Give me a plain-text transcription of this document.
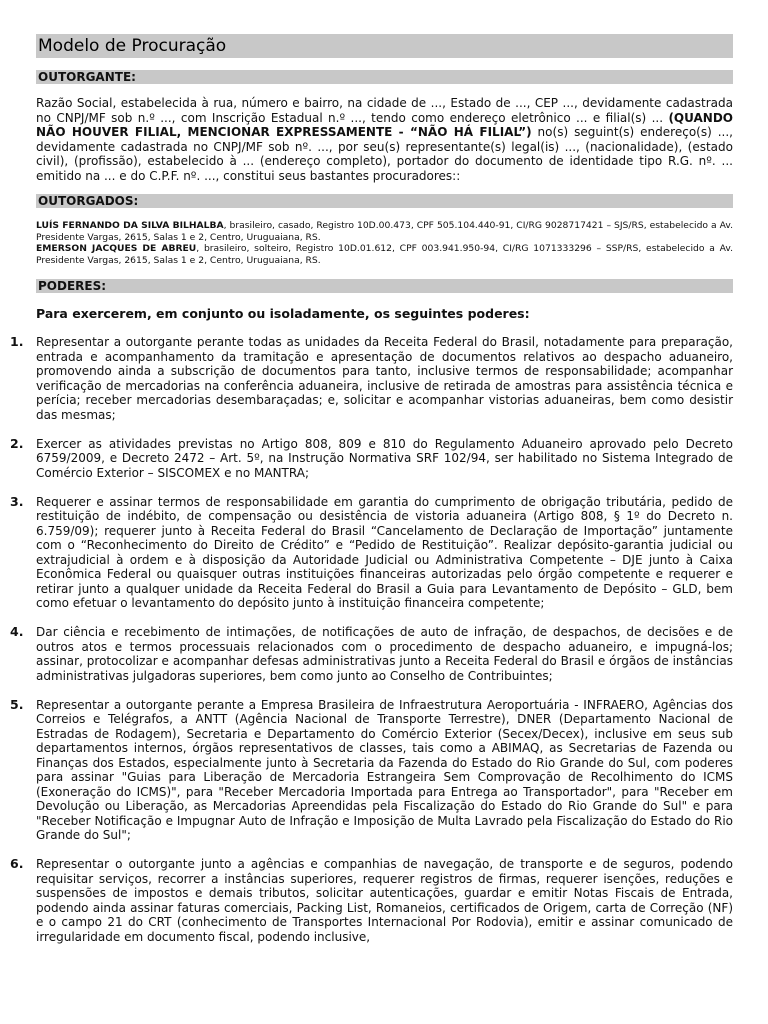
Modelo de Procuração
OUTORGANTE:

Razão Social, estabelecida à rua, número e bairro, na cidade de ..., Estado de ..., CEP ..., devidamente cadastrada no CNPJ/MF sob n.º ..., com Inscrição Estadual n.º ..., tendo como endereço eletrônico ... e filial(s) ... (QUANDO NÃO HOUVER FILIAL, MENCIONAR EXPRESSAMENTE - “NÃO HÁ FILIAL”) no(s) seguint(s) endereço(s) ..., devidamente cadastrada no CNPJ/MF sob nº. ..., por seu(s) representante(s) legal(is) ..., (nacionalidade), (estado civil), (profissão), estabelecido à ... (endereço completo), portador do documento de identidade tipo R.G. nº. ... emitido na ... e do C.P.F. nº. ..., constitui seus bastantes procuradores::

OUTORGADOS:

LUÍS FERNANDO DA SILVA BILHALBA, brasileiro, casado, Registro 10D.00.473, CPF 505.104.440-91, CI/RG 9028717421 – SJS/RS, estabelecido a Av. Presidente Vargas, 2615, Salas 1 e 2, Centro, Uruguaiana, RS.

EMERSON JACQUES DE ABREU, brasileiro, solteiro, Registro 10D.01.612, CPF 003.941.950-94, CI/RG 1071333296 – SSP/RS, estabelecido a Av. Presidente Vargas, 2615, Salas 1 e 2, Centro, Uruguaiana, RS.

PODERES:

Para exercerem, em conjunto ou isoladamente, os seguintes poderes:

1. Representar a outorgante perante todas as unidades da Receita Federal do Brasil, notadamente para preparação, entrada e acompanhamento da tramitação e apresentação de documentos relativos ao despacho aduaneiro, promovendo ainda a subscrição de documentos para tanto, inclusive termos de responsabilidade; acompanhar verificação de mercadorias na conferência aduaneira, inclusive de retirada de amostras para assistência técnica e perícia; receber mercadorias desembaraçadas; e, solicitar e acompanhar vistorias aduaneiras, bem como desistir das mesmas;

2. Exercer as atividades previstas no Artigo 808, 809 e 810 do Regulamento Aduaneiro aprovado pelo Decreto 6759/2009, e Decreto 2472 – Art. 5º, na Instrução Normativa SRF 102/94, ser habilitado no Sistema Integrado de Comércio Exterior – SISCOMEX e no MANTRA;

3. Requerer e assinar termos de responsabilidade em garantia do cumprimento de obrigação tributária, pedido de restituição de indébito, de compensação ou desistência de vistoria aduaneira (Artigo 808, § 1º do Decreto n. 6.759/09); requerer junto à Receita Federal do Brasil “Cancelamento de Declaração de Importação” juntamente com o “Reconhecimento do Direito de Crédito” e “Pedido de Restituição”. Realizar depósito-garantia judicial ou extrajudicial à ordem e à disposição da Autoridade Judicial ou Administrativa Competente – DJE junto à Caixa Econômica Federal ou quaisquer outras instituições financeiras autorizadas pelo órgão competente e requerer e retirar junto a qualquer unidade da Receita Federal do Brasil a Guia para Levantamento de Depósito – GLD, bem como efetuar o levantamento do depósito junto à instituição financeira competente;

4. Dar ciência e recebimento de intimações, de notificações de auto de infração, de despachos, de decisões e de outros atos e termos processuais relacionados com o procedimento de despacho aduaneiro, e impugná-los; assinar, protocolizar e acompanhar defesas administrativas junto a Receita Federal do Brasil e órgãos de instâncias administrativas julgadoras superiores, bem como junto ao Conselho de Contribuintes;

5. Representar a outorgante perante a Empresa Brasileira de Infraestrutura Aeroportuária - INFRAERO, Agências dos Correios e Telégrafos, a ANTT (Agência Nacional de Transporte Terrestre), DNER (Departamento Nacional de Estradas de Rodagem), Secretaria e Departamento do Comércio Exterior (Secex/Decex), inclusive em seus sub departamentos internos, órgãos representativos de classes, tais como a ABIMAQ, as Secretarias de Fazenda ou Finanças dos Estados, especialmente junto à Secretaria da Fazenda do Estado do Rio Grande do Sul, com poderes para assinar "Guias para Liberação de Mercadoria Estrangeira Sem Comprovação de Recolhimento do ICMS (Exoneração do ICMS)", para "Receber Mercadoria Importada para Entrega ao Transportador", para "Receber em Devolução ou Liberação, as Mercadorias Apreendidas pela Fiscalização do Estado do Rio Grande do Sul" e para "Receber Notificação e Impugnar Auto de Infração e Imposição de Multa Lavrado pela Fiscalização do Estado do Rio Grande do Sul";

6. Representar o outorgante junto a agências e companhias de navegação, de transporte e de seguros, podendo requisitar serviços, recorrer a instâncias superiores, requerer registros de firmas, requerer isenções, reduções e suspensões de impostos e demais tributos, solicitar autenticações, guardar e emitir Notas Fiscais de Entrada, podendo ainda assinar faturas comerciais, Packing List, Romaneios, certificados de Origem, carta de Correção (NF) e o campo 21 do CRT (conhecimento de Transportes Internacional Por Rodovia), emitir e assinar comunicado de irregularidade em documento fiscal, podendo inclusive,
